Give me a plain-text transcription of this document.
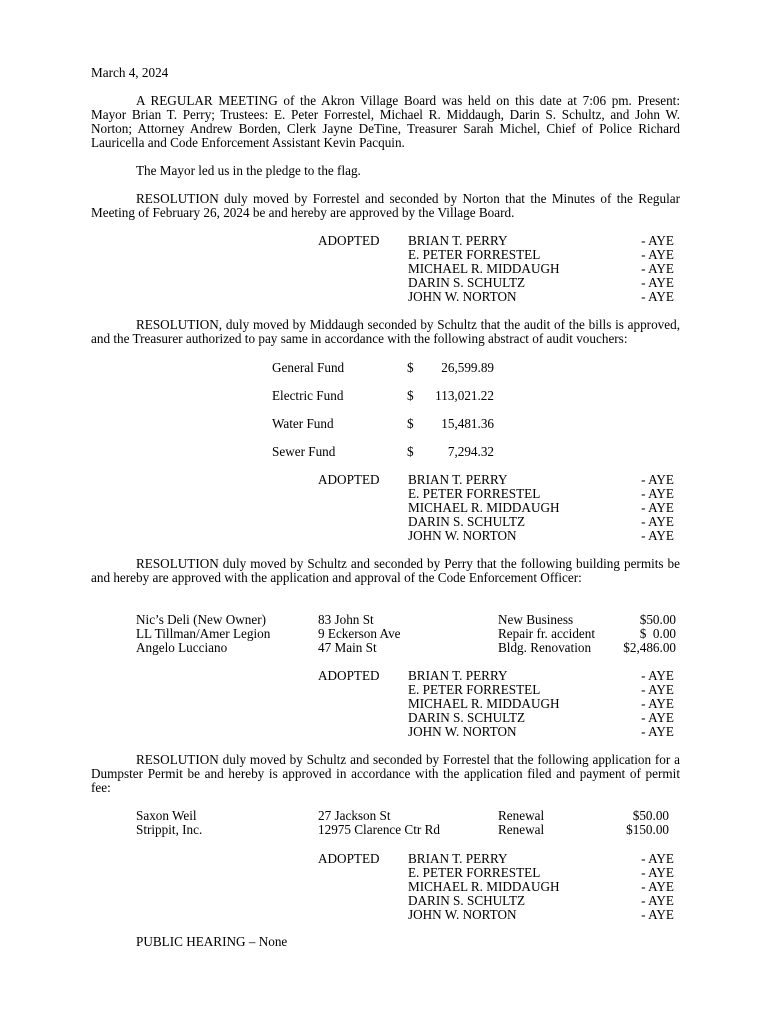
March 4, 2024
A REGULAR MEETING of the Akron Village Board was held on this date at 7:06 pm. Present: Mayor Brian T. Perry; Trustees: E. Peter Forrestel, Michael R. Middaugh, Darin S. Schultz, and John W. Norton; Attorney Andrew Borden, Clerk Jayne DeTine, Treasurer Sarah Michel, Chief of Police Richard Lauricella and Code Enforcement Assistant Kevin Pacquin.
The Mayor led us in the pledge to the flag.
RESOLUTION duly moved by Forrestel and seconded by Norton that the Minutes of the Regular Meeting of February 26, 2024 be and hereby are approved by the Village Board.
ADOPTED BRIAN T. PERRY	- AYE
E. PETER FORRESTEL	- AYE
MICHAEL R. MIDDAUGH	- AYE
DARIN S. SCHULTZ	- AYE
JOHN W. NORTON	- AYE
RESOLUTION, duly moved by Middaugh seconded by Schultz that the audit of the bills is approved, and the Treasurer authorized to pay same in accordance with the following abstract of audit vouchers:
General Fund	$ 26,599.89
Electric Fund	$ 113,021.22
Water Fund	$ 15,481.36
Sewer Fund	$	7,294.32
ADOPTED BRIAN T. PERRY	- AYE
E. PETER FORRESTEL	- AYE
MICHAEL R. MIDDAUGH	- AYE
DARIN S. SCHULTZ	- AYE
JOHN W. NORTON	- AYE
RESOLUTION duly moved by Schultz and seconded by Perry that the following building permits be and hereby are approved with the application and approval of the Code Enforcement Officer:
Nic’s Deli (New Owner)	83 John St	New Business	$50.00
LL Tillman/Amer Legion	9 Eckerson Ave	Repair fr. accident	$  0.00
Angelo Lucciano	47 Main St	Bldg. Renovation $2,486.00
ADOPTED BRIAN T. PERRY	- AYE
E. PETER FORRESTEL	- AYE
MICHAEL R. MIDDAUGH	- AYE
DARIN S. SCHULTZ	- AYE
JOHN W. NORTON	- AYE
RESOLUTION duly moved by Schultz and seconded by Forrestel that the following application for a Dumpster Permit be and hereby is approved in accordance with the application filed and payment of permit fee:
Saxon Weil	27 Jackson St	Renewal	$50.00
Strippit, Inc.	12975 Clarence Ctr Rd	Renewal	$150.00
ADOPTED BRIAN T. PERRY	- AYE
E. PETER FORRESTEL	- AYE
MICHAEL R. MIDDAUGH	- AYE
DARIN S. SCHULTZ	- AYE
JOHN W. NORTON	- AYE
PUBLIC HEARING – None
